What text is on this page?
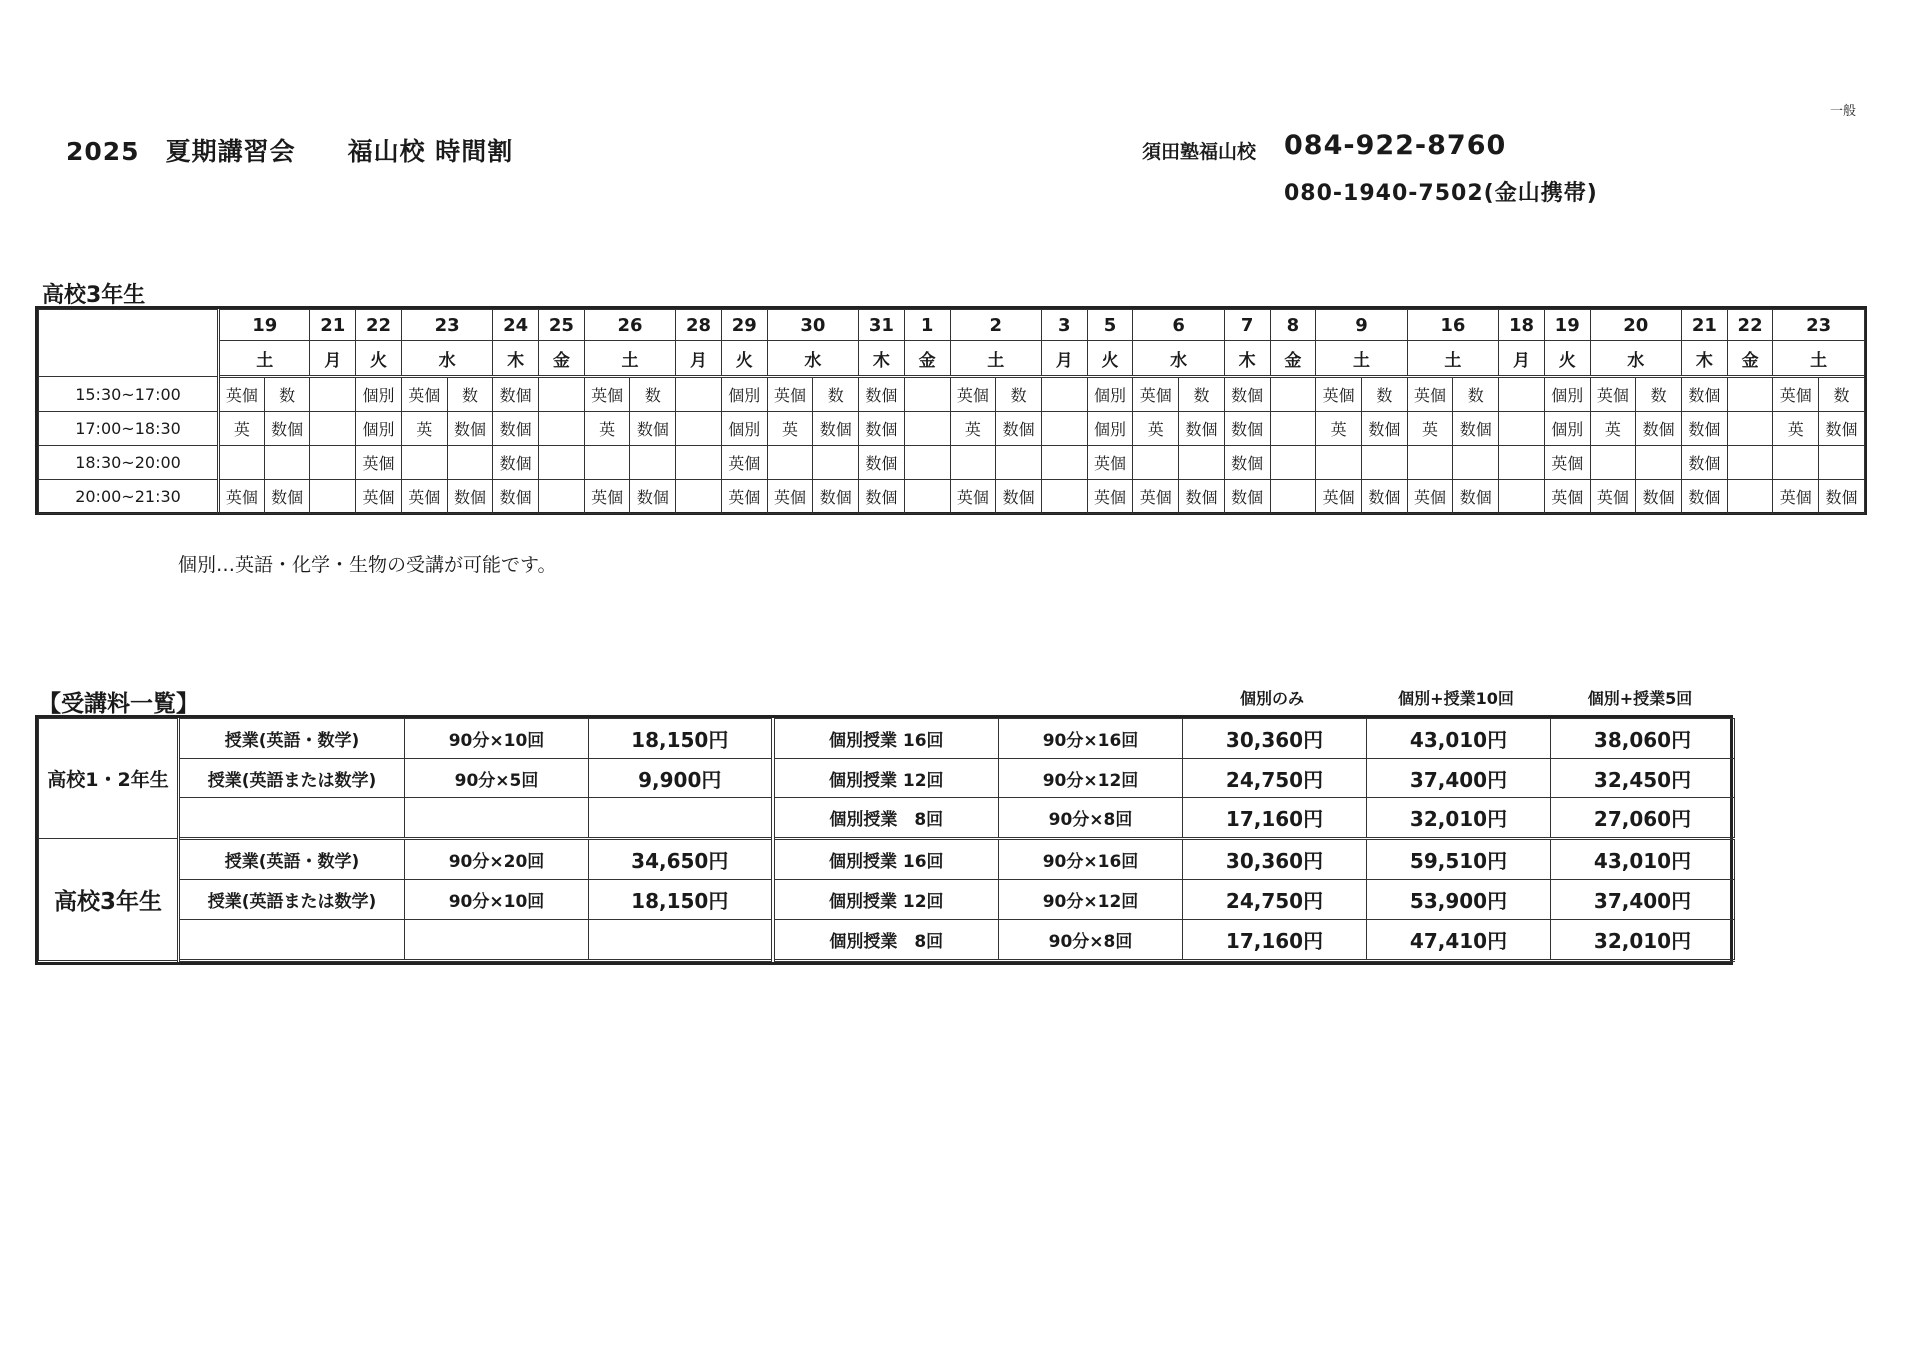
一般
2025　夏期講習会　　福山校 時間割	須田塾福山校 084-922-8760
080-1940-7502(金山携帯)
高校3年生
	19		21	22	23		24	25	26		28	29	30		31	1	2		3	5	6		7	8	9		16		18	19	20		21	22	23	
	土		月	火	水		木	金	土		月	火	水		木	金	土		月	火	水		木	金	土		土		月	火	水		木	金	土	
15:30~17:00	英個	数		個別	英個	数	数個		英個	数		個別	英個	数	数個		英個	数		個別	英個	数	数個		英個	数	英個	数		個別	英個	数	数個		英個	数
17:00~18:30	英	数個		個別	英	数個	数個		英	数個		個別	英	数個	数個		英	数個		個別	英	数個	数個		英	数個	英	数個		個別	英	数個	数個		英	数個
18:30~20:00				英個			数個					英個			数個					英個			数個							英個			数個			
20:00~21:30	英個	数個		英個	英個	数個	数個		英個	数個		英個	英個	数個	数個		英個	数個		英個	英個	数個	数個		英個	数個	英個	数個		英個	英個	数個	数個		英個	数個
個別…英語・化学・生物の受講が可能です。
【受講料一覧】	個別のみ	個別+授業10回	個別+授業5回
高校1・2年生	授業(英語・数学)	90分×10回	18,150円	個別授業 16回	90分×16回	30,360円	43,010円	38,060円
	授業(英語または数学)	90分×5回	9,900円	個別授業 12回	90分×12回	24,750円	37,400円	32,450円
				個別授業　8回	90分×8回	17,160円	32,010円	27,060円
高校3年生	授業(英語・数学)	90分×20回	34,650円	個別授業 16回	90分×16回	30,360円	59,510円	43,010円
	授業(英語または数学)	90分×10回	18,150円	個別授業 12回	90分×12回	24,750円	53,900円	37,400円
				個別授業　8回	90分×8回	17,160円	47,410円	32,010円
